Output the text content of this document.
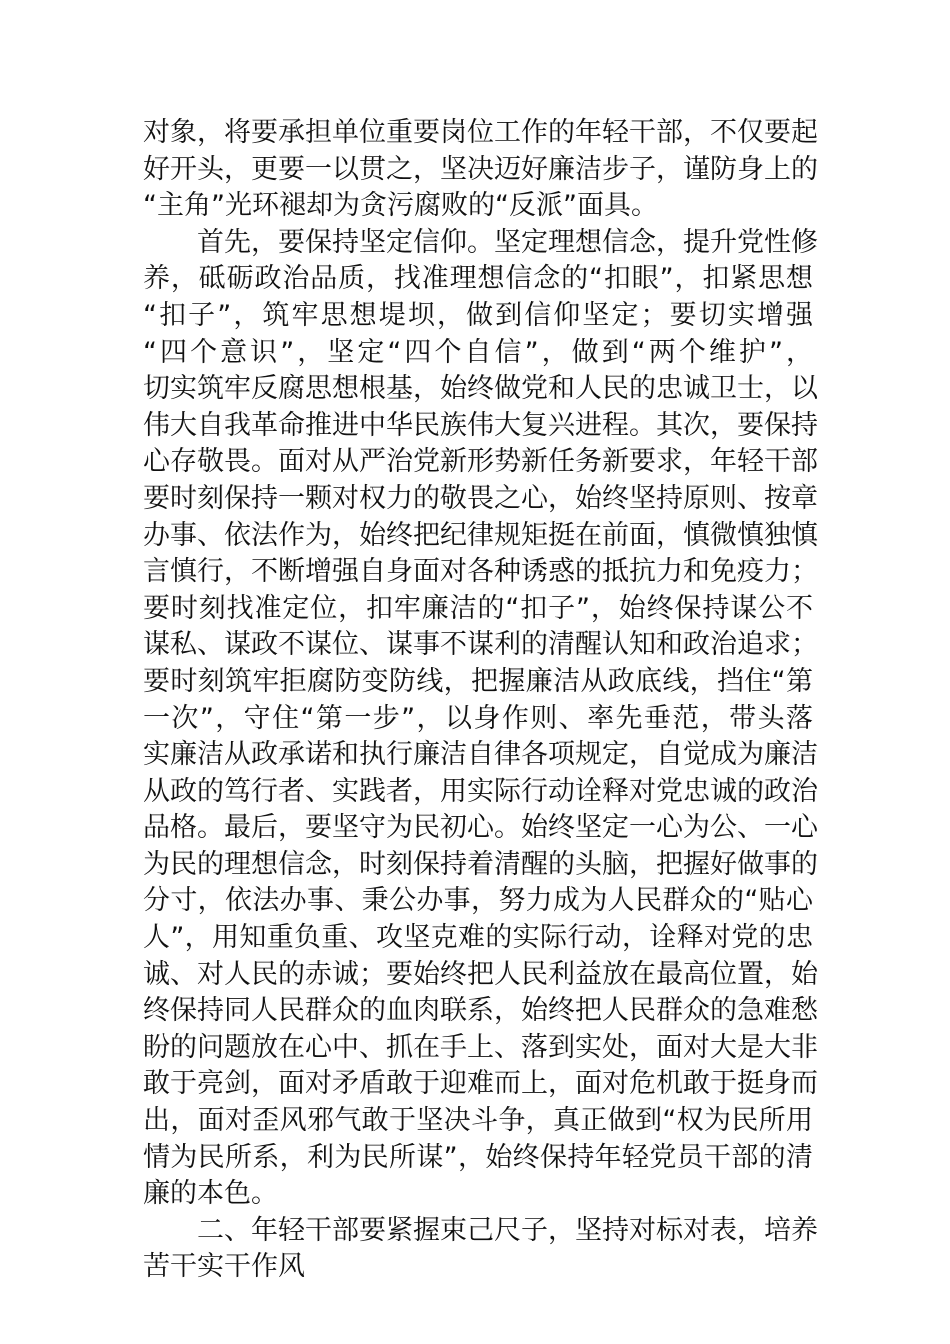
对象，将要承担单位重要岗位工作的年轻干部，不仅要起
好开头，更要一以贯之，坚决迈好廉洁步子，谨防身上的
“主角”光环褪却为贪污腐败的“反派”面具。
首先，要保持坚定信仰。坚定理想信念，提升党性修
养，砥砺政治品质，找准理想信念的“扣眼”，扣紧思想
“扣子”，筑牢思想堤坝，做到信仰坚定；要切实增强
“四个意识”，坚定“四个自信”，做到“两个维护”，
切实筑牢反腐思想根基，始终做党和人民的忠诚卫士，以
伟大自我革命推进中华民族伟大复兴进程。其次，要保持
心存敬畏。面对从严治党新形势新任务新要求，年轻干部
要时刻保持一颗对权力的敬畏之心，始终坚持原则、按章
办事、依法作为，始终把纪律规矩挺在前面，慎微慎独慎
言慎行，不断增强自身面对各种诱惑的抵抗力和免疫力；
要时刻找准定位，扣牢廉洁的“扣子”，始终保持谋公不
谋私、谋政不谋位、谋事不谋利的清醒认知和政治追求；
要时刻筑牢拒腐防变防线，把握廉洁从政底线，挡住“第
一次”，守住“第一步”，以身作则、率先垂范，带头落
实廉洁从政承诺和执行廉洁自律各项规定，自觉成为廉洁
从政的笃行者、实践者，用实际行动诠释对党忠诚的政治
品格。最后，要坚守为民初心。始终坚定一心为公、一心
为民的理想信念，时刻保持着清醒的头脑，把握好做事的
分寸，依法办事、秉公办事，努力成为人民群众的“贴心
人”，用知重负重、攻坚克难的实际行动，诠释对党的忠
诚、对人民的赤诚；要始终把人民利益放在最高位置，始
终保持同人民群众的血肉联系，始终把人民群众的急难愁
盼的问题放在心中、抓在手上、落到实处，面对大是大非
敢于亮剑，面对矛盾敢于迎难而上，面对危机敢于挺身而
出，面对歪风邪气敢于坚决斗争，真正做到“权为民所用
情为民所系，利为民所谋”，始终保持年轻党员干部的清
廉的本色。
二、年轻干部要紧握束己尺子，坚持对标对表，培养
苦干实干作风
